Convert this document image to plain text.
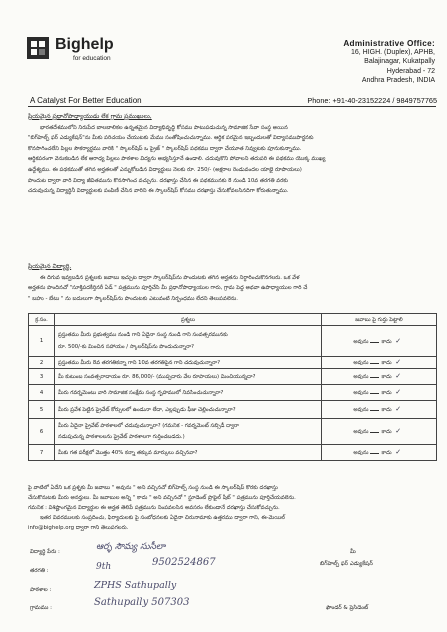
Bighelp
for education
Administrative Office:
16, HIGH. (Duplex), APHB,
Balajinagar, Kukatpally
Hyderabad - 72
Andhra Pradesh, INDIA
A Catalyst For Better Education	Phone: +91-40-23152224 / 9849757765
ప్రియమైన ప్రధానోపాధ్యాయుడు లేక గ్రామ ప్రముఖులు,
భారతదేశములోని నిరుపేద బాలబాలికల ఉన్నతమైన విద్యాభివృద్ధి కోసము పాటుపడుచున్న సామాజిక సేవా సంస్థ అయిన
"బిగ్‌హెల్ప్ ఫర్ ఎడ్యుకేషన్"ను మీకు పరిచయం చేయుటకు మేము సంతోషించుచున్నాము. ఆర్థిక పరమైన ఇబ్బందులతో విద్యాసముపార్జనకు
కొనసాగించలేని పిల్లల సౌకర్యార్థము వారికి " స్కాలర్‌షిప్ ఒ ప్రైజ్ " స్కాలర్‌షిప్ పథకము ద్వారా చేయూత నివ్వుటకు పూనుకున్నాము.
ఆర్థికపరంగా వెనుకబడిన లేక ఆరాధ్య పిల్లలు పాఠశాల విద్యను అభ్యసిస్తూనే ఉండాలి. చదువుకొని పోవాలని తదుపరి ఈ పథకము యొక్క ముఖ్య
ఉద్దేశ్యము. ఈ పథకముతో తగిన అర్హతలతో ఎన్నుకోబడిన విద్యార్థులు నెలకు రూ. 250/- (అక్షరాల రెండువందల యాభై రూపాయలు)
పొందుట ద్వారా వారి విద్యా జీవితమును కొనసాగించ వచ్చును. దరఖాస్తు చేసిన ఈ పథకమునకు 8 నుండి 10వ తరగతి వరకు
చదువుచున్న విద్యార్థినీ విద్యార్థులకు పంపిణీ చేసిన వారిని ఈ స్కాలర్‌షిప్ కోసము దరఖాస్తు చేసుకోవలసినదిగా కోరుతున్నాము.
ప్రియమైన విద్యార్థి,
ఈ దిగువ ఇవ్వబడిన ప్రశ్నలకు జవాబు ఇచ్చుట ద్వారా స్కాలర్‌షిప్‌ను పొందుటకు తగిన అర్హతను నిర్ధారించుకొనగలరు. ఒక వేళ
అర్హతను పొందినచో "సూక్తిపదకీర్తినరీ ఏడ్ " పత్రమును పూర్తిచేసి మీ ప్రధానోపాధ్యాయుల గారు, గ్రామ పెద్ద అథవా ఉపాధ్యాయుల గారి చే
" బహు - బేటు " ను బదులుగా స్కాలర్‌షిప్‌ను పొందుటకు ఎటువంటి నిర్బంధము లేదని తెలుపవలెను.
క్ర.సం.	ప్రశ్నలు	జవాబు పై గుర్తు పెట్టాలి
1	ప్రస్తుతము మీరు ప్రభుత్వము నుండి గాని ఏదైనా సంస్థ నుండి గాని సంవత్సరమునకు
రూ. 500/-కు మించిన సహాయం / స్కాలర్‌షిప్‌ను పొందుచున్నారా?	అవును కాదు ✓
2	ప్రస్తుతము మీరు 8వ తరగతికన్నా గాని 10వ తరగతిపైన గాని చదువుచున్నారా?	అవును కాదు ✓
3	మీ కుటుంబ సంవత్సరాదాయం రూ. 86,000/- (ముప్పదారు వేల రూపాయలు) మించియున్నదా?	అవును కాదు ✓
4	మీరు గవర్నమెంటు వారి సామాజిక సంక్షేమ సంస్థ గృహములో నివసించుచున్నారా?	అవును కాదు ✓
5	మీరు ప్రవేశ పెట్టిన ప్రైవేట్ కోర్సులలో ఉండునా లేదా, ఎల్లప్పుడు ఫీజు చెల్లించుచున్నారా?	అవును కాదు ✓
6	మీరు ఏదైనా ప్రైవేట్ పాఠశాలలో చదువుచున్నారా? (గమనిక - గవర్నమెంట్ సబ్సిడీ ద్వారా
నడుపుచున్న పాఠశాలలను ప్రైవేట్ పాఠశాలగా గుర్తించబడదు.)	అవును కాదు ✓
7	మీకు గత పరీక్షలో మొత్తం 40% కన్నా తక్కువ మార్కులు వచ్చినవా?	అవును కాదు ✓
పై వాటిలో ఏదేని ఒక ప్రశ్నకు మీ జవాబు " అవును " అని వచ్చినచో బిగ్‌హెల్ప్ సంస్థ నుండి ఈ స్కాలర్‌షిప్ కొరకు దరఖాస్తు
చేసుకొనుటకు మీరు అనర్హులు. మీ జవాబుల అన్ని " కాదు " అని వచ్చినచో " స్టూడెంట్ ప్రొఫైల్ షీట్ " పత్రమును పూర్తిచేయవలెను.
గమనిక : విశిష్టాంగమైన విద్యార్థుల ఈ అర్హత తెలిపే పత్రమును నింపవలసిన అవసరం లేకుండానే దరఖాస్తు చేసుకోవచ్చును.
ఇతర వివరములకు సంప్రదించు, ఫిర్యాదులకు పై సంబోధనలకు ఏదైనా చిరునామాకు ఉత్తరము ద్వారా గాని, ఈ-మెయిల్
info@bighelp.org ద్వారా గాని తెలుపగలరు.
విద్యార్థి పేరు :	ఆర్ళ సౌమ్య సుసీలా
9502524867
తరగతి :	9th
పాఠశాల :	ZPHS Sathupally
గ్రామము :	Sathupally 507303
మీ
బిగ్‌హెల్ప్ ఫర్ ఎడ్యుకేషన్
ఫౌండర్ & ప్రెసిడెంట్
